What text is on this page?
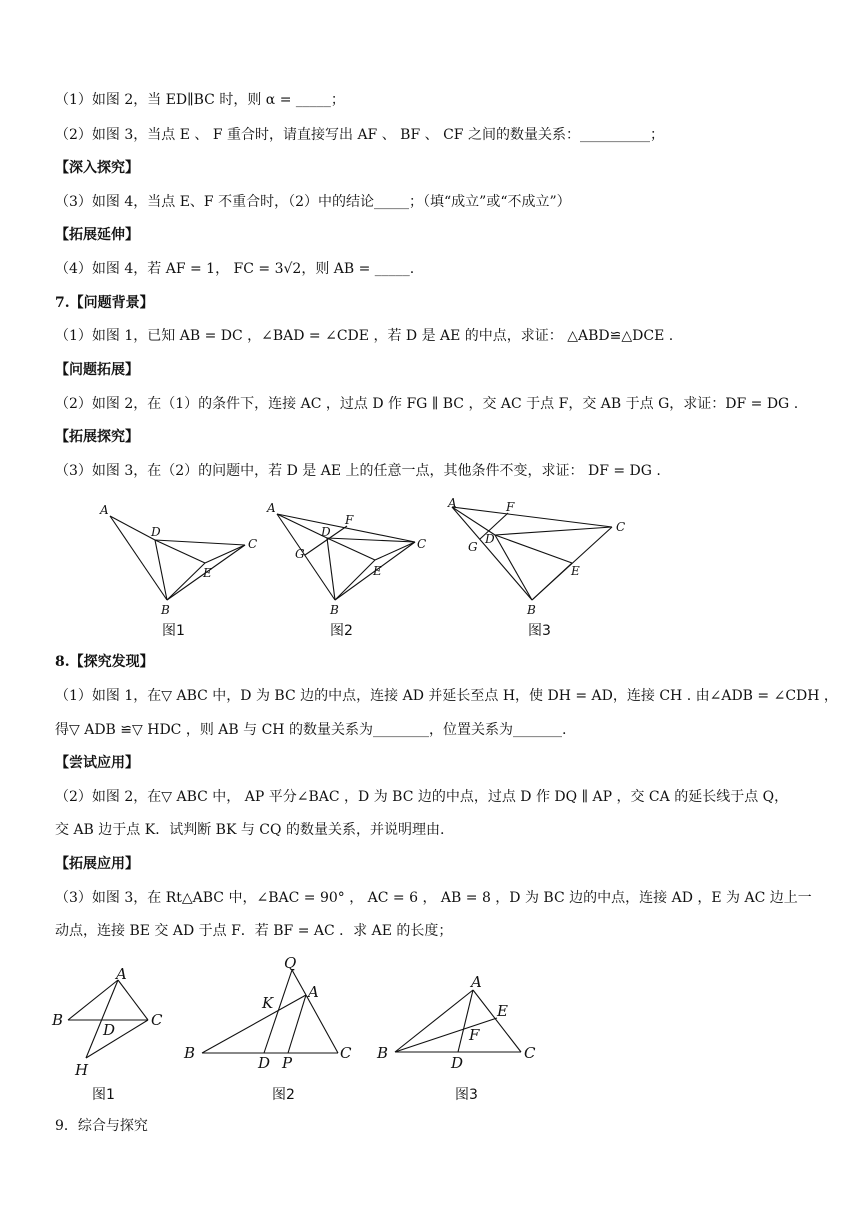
（1）如图 2，当 ED∥BC 时，则 α = _____；
（2）如图 3，当点 E 、 F 重合时，请直接写出 AF 、 BF 、 CF 之间的数量关系：__________；
【深入探究】
（3）如图 4，当点 E、F 不重合时，（2）中的结论_____；（填“成立”或“不成立”）
【拓展延伸】
（4）如图 4，若 AF = 1， FC = 3√2，则 AB = _____.
7.【问题背景】
（1）如图 1，已知 AB = DC ，∠BAD = ∠CDE ，若 D 是 AE 的中点，求证： △ABD≌△DCE .
【问题拓展】
（2）如图 2，在（1）的条件下，连接 AC ，过点 D 作 FG ∥ BC ，交 AC 于点 F，交 AB 于点 G，求证：DF = DG .
【拓展探究】
（3）如图 3，在（2）的问题中，若 D 是 AE 上的任意一点，其他条件不变，求证： DF = DG .
A
D
C
E
B
图1
A
F
D
C
G
E
B
图2
A	F
C
G
D
E
B
图3
8.【探究发现】
（1）如图 1，在▽ ABC 中，D 为 BC 边的中点，连接 AD 并延长至点 H，使 DH = AD，连接 CH . 由∠ADB = ∠CDH ，
得▽ ADB ≌▽ HDC ，则 AB 与 CH 的数量关系为________，位置关系为_______.
【尝试应用】
（2）如图 2，在▽ ABC 中， AP 平分∠BAC ，D 为 BC 边的中点，过点 D 作 DQ ∥ AP ，交 CA 的延长线于点 Q，
交 AB 边于点 K．试判断 BK 与 CQ 的数量关系，并说明理由.
【拓展应用】
（3）如图 3，在 Rt△ABC 中，∠BAC = 90° ， AC = 6 ， AB = 8 ，D 为 BC 边的中点，连接 AD ，E 为 AC 边上一
动点，连接 BE 交 AD 于点 F．若 BF = AC ．求 AE 的长度；
A
B	C
D
H
图1
Q
A
K
B
D P
C
图2
A
E
F
B
D
C
图3
9．综合与探究
